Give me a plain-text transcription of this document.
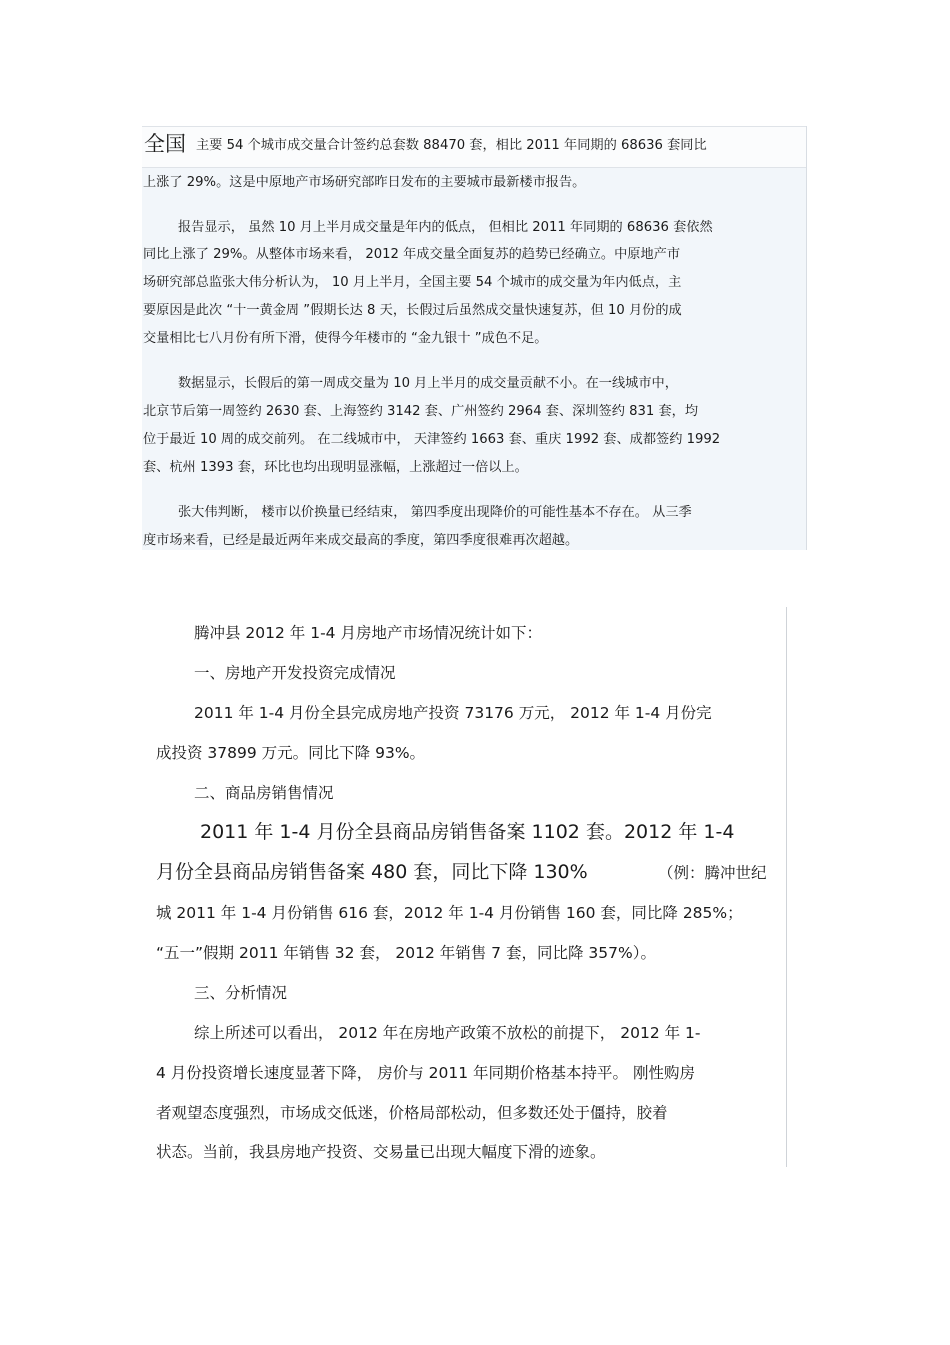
全国 主要 54 个城市成交量合计签约总套数 88470 套，相比 2011 年同期的 68636 套同比
上涨了 29%。这是中原地产市场研究部昨日发布的主要城市最新楼市报告。
报告显示， 虽然 10 月上半月成交量是年内的低点， 但相比 2011 年同期的 68636 套依然
同比上涨了 29%。从整体市场来看， 2012 年成交量全面复苏的趋势已经确立。中原地产市
场研究部总监张大伟分析认为， 10 月上半月，全国主要 54 个城市的成交量为年内低点，主
要原因是此次 “十一黄金周 ”假期长达 8 天，长假过后虽然成交量快速复苏，但 10 月份的成
交量相比七八月份有所下滑，使得今年楼市的 “金九银十 ”成色不足。
数据显示，长假后的第一周成交量为 10 月上半月的成交量贡献不小。在一线城市中，
北京节后第一周签约 2630 套、上海签约 3142 套、广州签约 2964 套、深圳签约 831 套，均
位于最近 10 周的成交前列。 在二线城市中， 天津签约 1663 套、重庆 1992 套、成都签约 1992
套、杭州 1393 套，环比也均出现明显涨幅，上涨超过一倍以上。
张大伟判断， 楼市以价换量已经结束， 第四季度出现降价的可能性基本不存在。 从三季
度市场来看，已经是最近两年来成交最高的季度，第四季度很难再次超越。
腾冲县 2012 年 1-4 月房地产市场情况统计如下：
一、房地产开发投资完成情况
2011 年 1-4 月份全县完成房地产投资 73176 万元， 2012 年 1-4 月份完
成投资 37899 万元。同比下降 93%。
二、商品房销售情况
2011 年 1-4 月份全县商品房销售备案 1102 套。2012 年 1-4
月份全县商品房销售备案 480 套，同比下降 130%	（例：腾冲世纪
城 2011 年 1-4 月份销售 616 套，2012 年 1-4 月份销售 160 套，同比降 285%；
“五一”假期 2011 年销售 32 套， 2012 年销售 7 套，同比降 357%）。
三、分析情况
综上所述可以看出， 2012 年在房地产政策不放松的前提下， 2012 年 1-
4 月份投资增长速度显著下降， 房价与 2011 年同期价格基本持平。 刚性购房
者观望态度强烈，市场成交低迷，价格局部松动，但多数还处于僵持，胶着
状态。当前，我县房地产投资、交易量已出现大幅度下滑的迹象。
